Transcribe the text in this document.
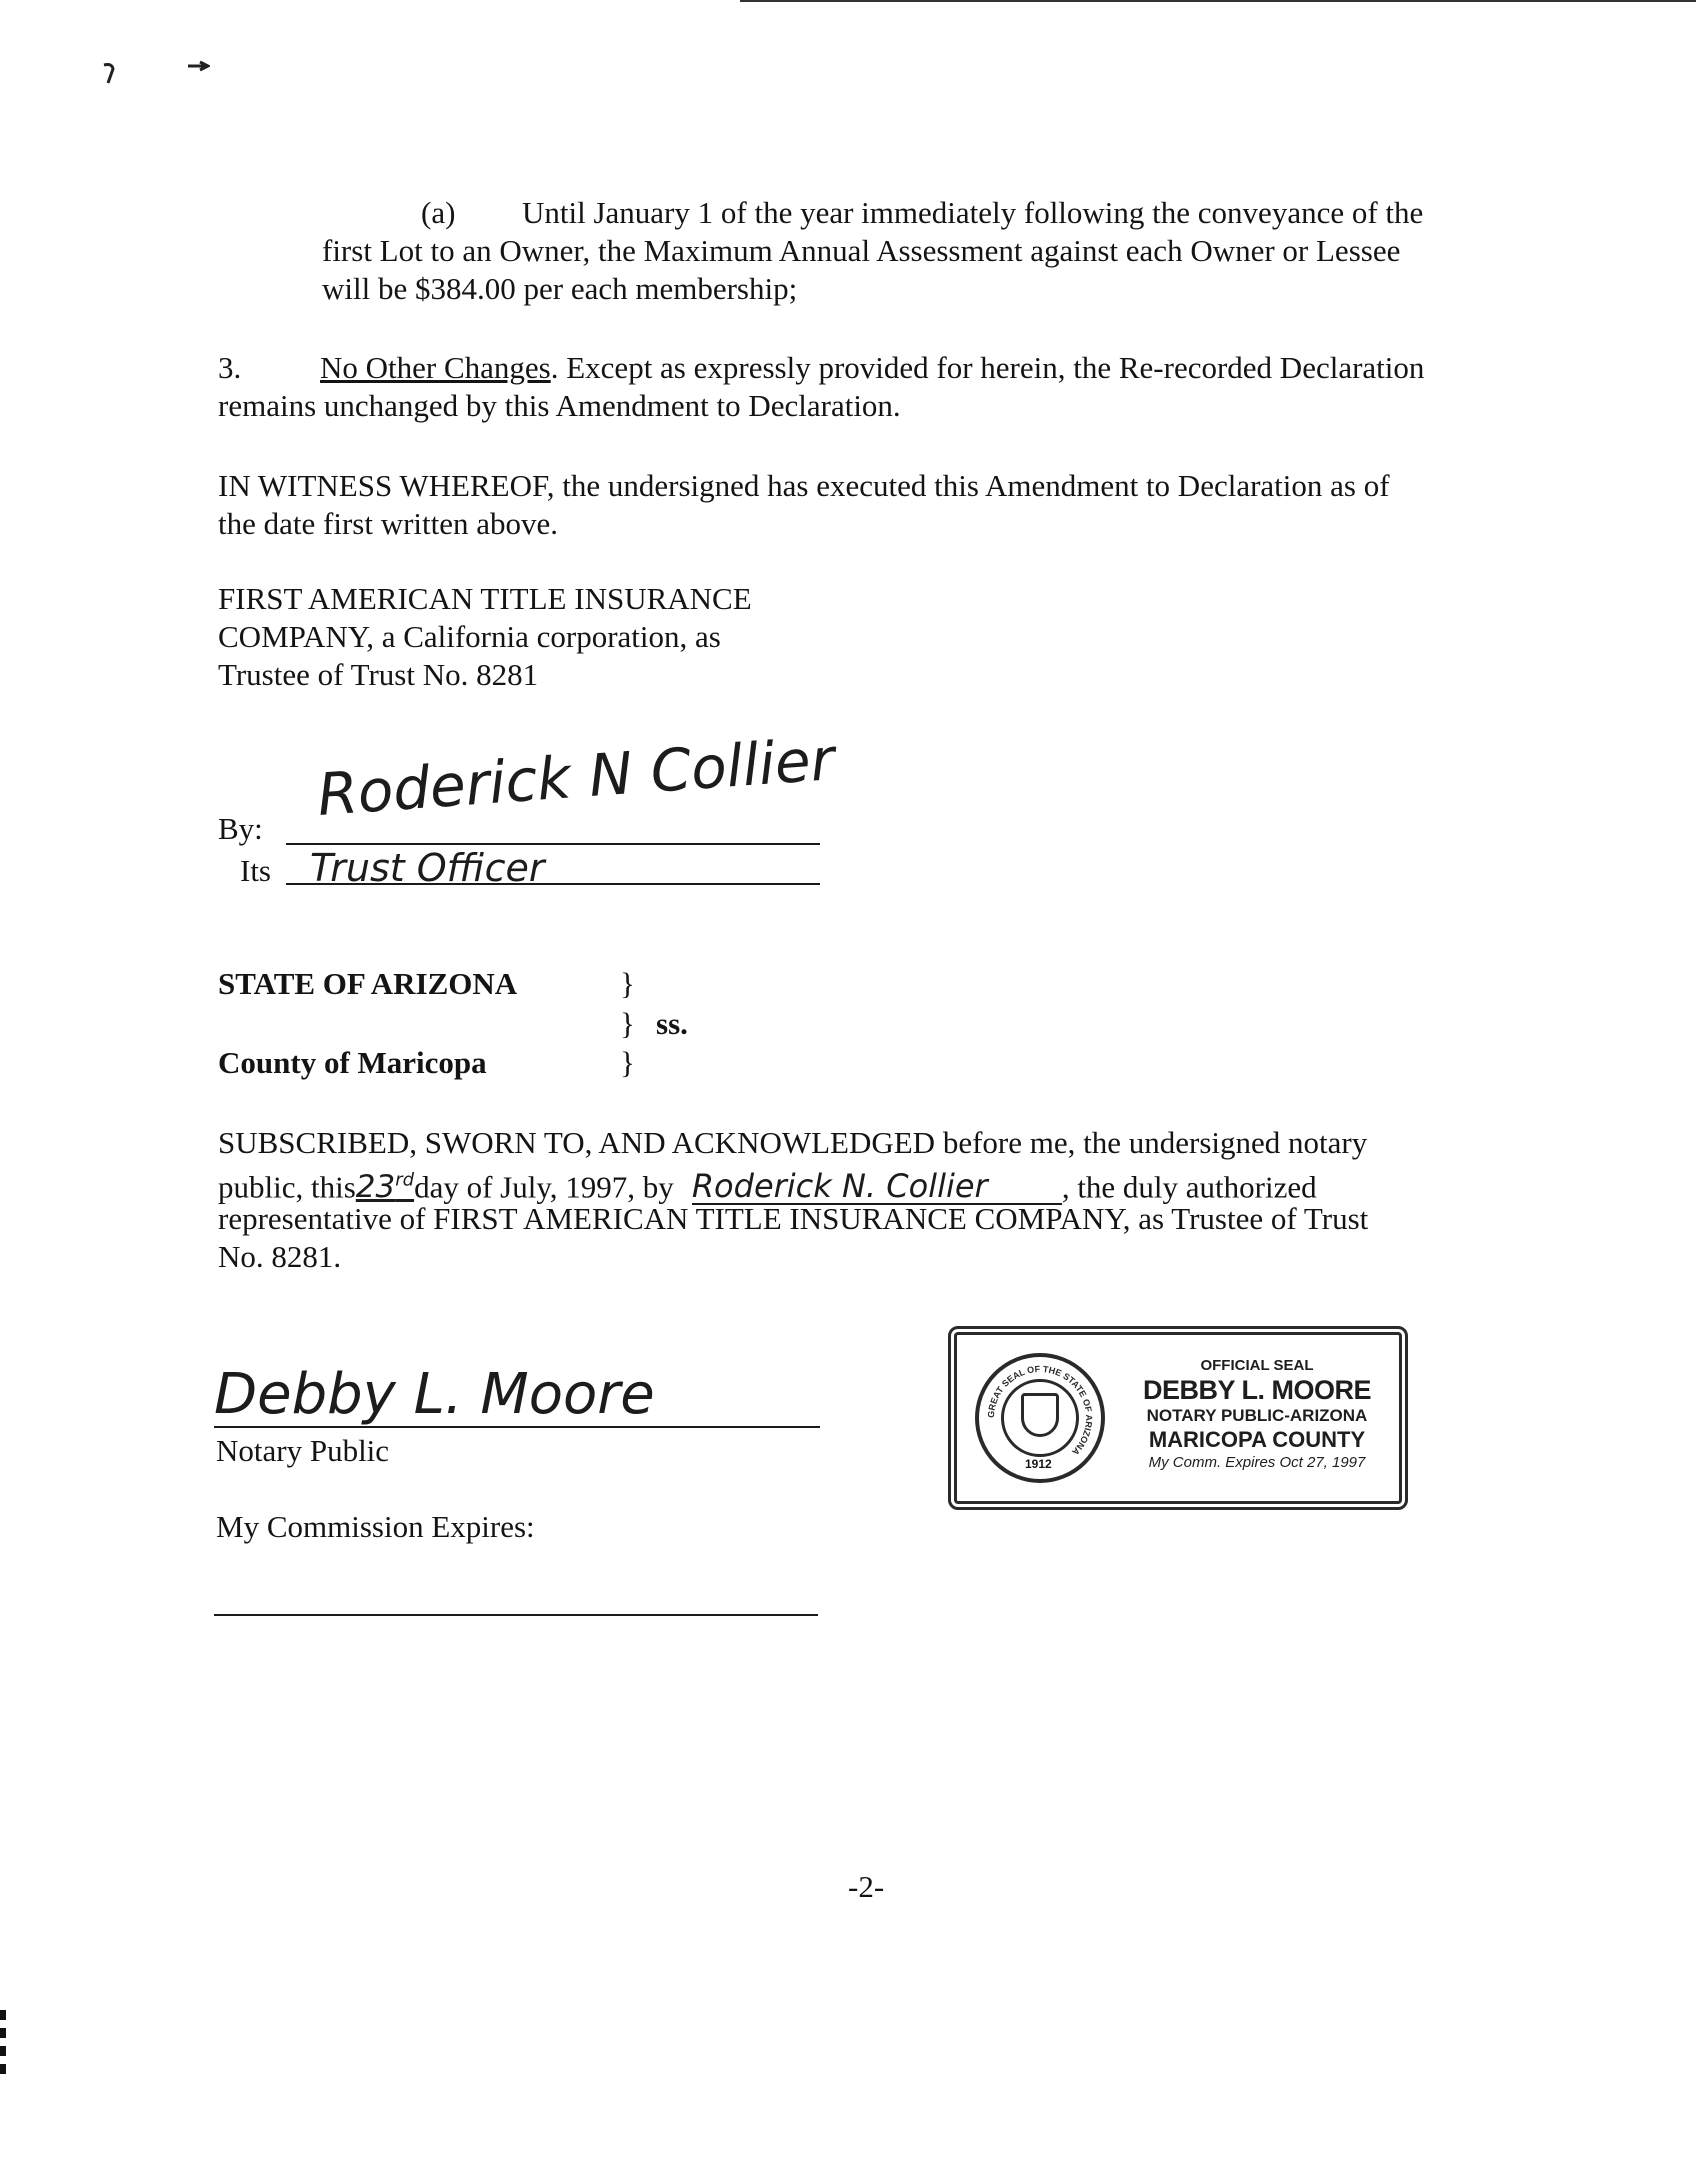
(a) Until January 1 of the year immediately following the conveyance of the
first Lot to an Owner, the Maximum Annual Assessment against each Owner or Lessee
will be $384.00 per each membership;
3.	No Other Changes. Except as expressly provided for herein, the Re-recorded Declaration
remains unchanged by this Amendment to Declaration.
IN WITNESS WHEREOF, the undersigned has executed this Amendment to Declaration as of
the date first written above.
FIRST AMERICAN TITLE INSURANCE
COMPANY, a California corporation, as
Trustee of Trust No. 8281
By: Roderick N Collier
Its Trust Officer
STATE OF ARIZONA	}
} ss.
County of Maricopa	}
SUBSCRIBED, SWORN TO, AND ACKNOWLEDGED before me, the undersigned notary
public, this23rdday of July, 1997, by Roderick N. Collier , the duly authorized
representative of FIRST AMERICAN TITLE INSURANCE COMPANY, as Trustee of Trust
No. 8281.
Debby L. Moore
Notary Public
My Commission Expires:
GREAT SEAL OF THE STATE OF ARIZONA
1912
OFFICIAL SEAL
DEBBY L. MOORE
NOTARY PUBLIC-ARIZONA
MARICOPA COUNTY
My Comm. Expires Oct 27, 1997
-2-
